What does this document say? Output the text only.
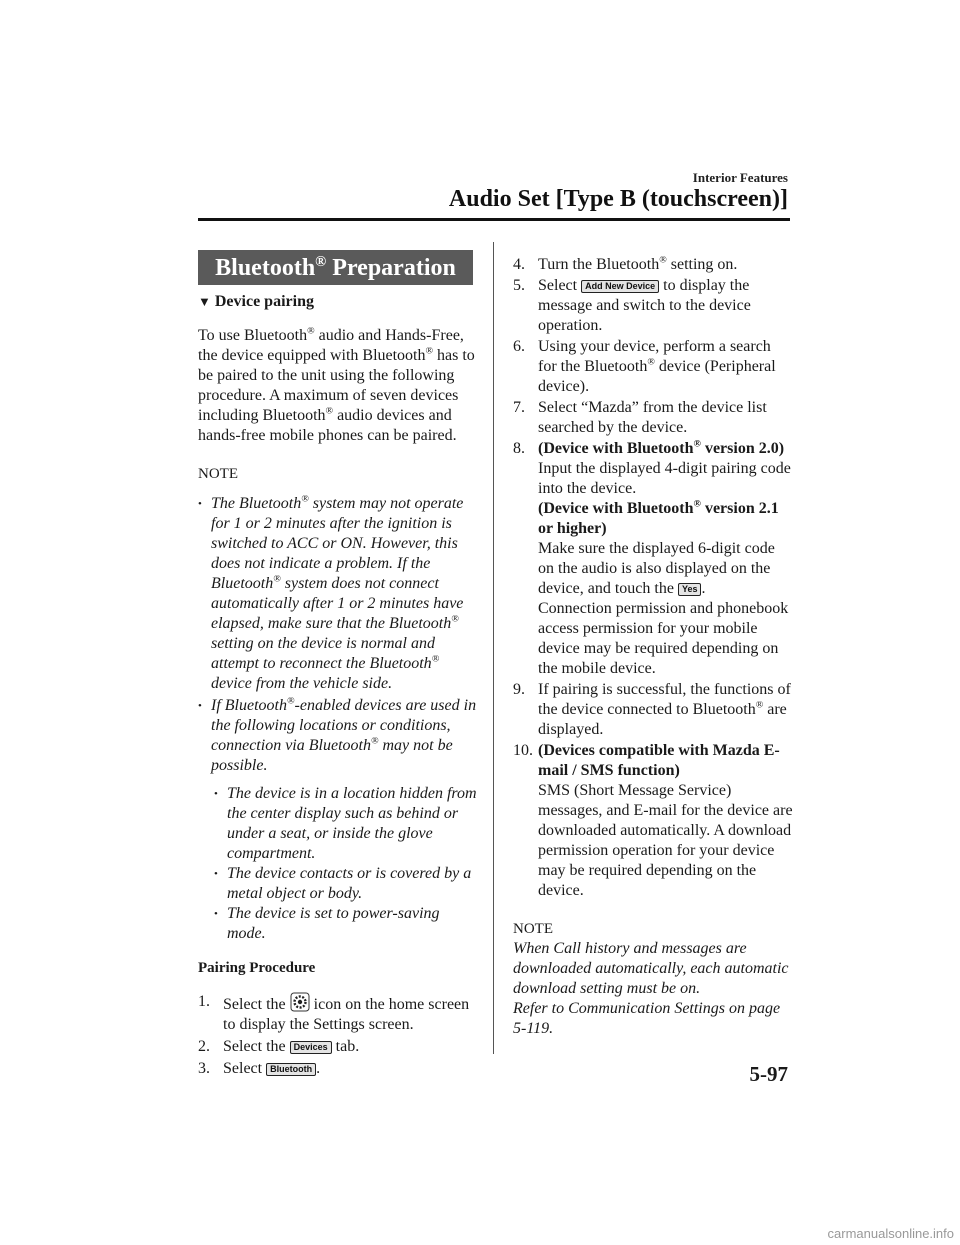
Interior Features
Audio Set [Type B (touchscreen)]
Bluetooth® Preparation
▼ Device pairing
To use Bluetooth® audio and Hands-Free, the device equipped with Bluetooth® has to be paired to the unit using the following procedure. A maximum of seven devices including Bluetooth® audio devices and hands-free mobile phones can be paired.
NOTE
• The Bluetooth® system may not operate for 1 or 2 minutes after the ignition is switched to ACC or ON. However, this does not indicate a problem. If the Bluetooth® system does not connect automatically after 1 or 2 minutes have elapsed, make sure that the Bluetooth® setting on the device is normal and attempt to reconnect the Bluetooth® device from the vehicle side.
• If Bluetooth®-enabled devices are used in the following locations or conditions, connection via Bluetooth® may not be possible.
• The device is in a location hidden from the center display such as behind or under a seat, or inside the glove compartment.
• The device contacts or is covered by a metal object or body.
• The device is set to power-saving mode.
Pairing Procedure
1. Select the  icon on the home screen to display the Settings screen.
2. Select the Devices tab.
3. Select Bluetooth .
4. Turn the Bluetooth® setting on.
5. Select Add New Device to display the message and switch to the device operation.
6. Using your device, perform a search for the Bluetooth® device (Peripheral device).
7. Select “Mazda” from the device list searched by the device.
8. (Device with Bluetooth® version 2.0)
Input the displayed 4-digit pairing code into the device.
(Device with Bluetooth® version 2.1 or higher)
Make sure the displayed 6-digit code on the audio is also displayed on the device, and touch the Yes .
Connection permission and phonebook access permission for your mobile device may be required depending on the mobile device.
9. If pairing is successful, the functions of the device connected to Bluetooth® are displayed.
10. (Devices compatible with Mazda E-mail / SMS function)
SMS (Short Message Service) messages, and E-mail for the device are downloaded automatically. A download permission operation for your device may be required depending on the device.
NOTE
When Call history and messages are downloaded automatically, each automatic download setting must be on.
Refer to Communication Settings on page 5-119.
5-97
carmanualsonline.info
